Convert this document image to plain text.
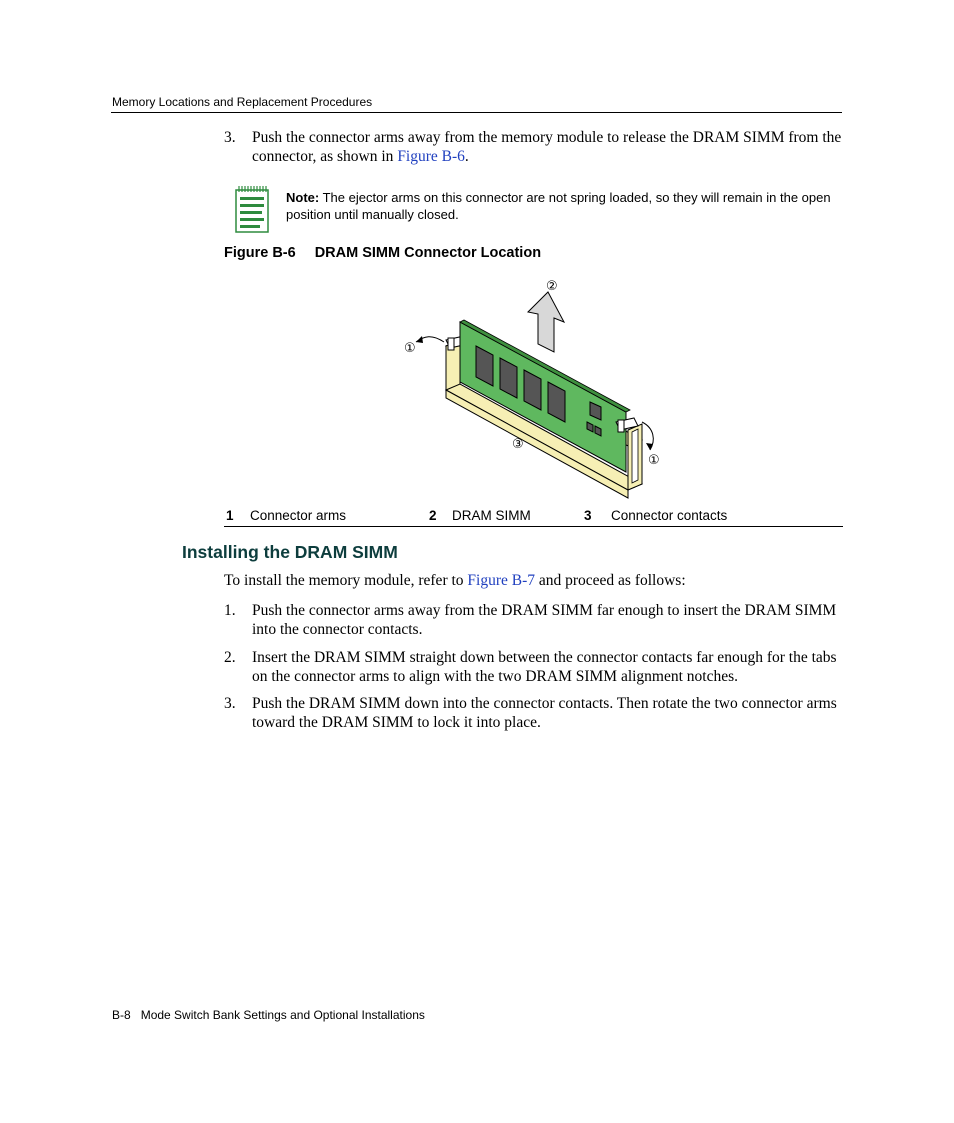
Memory Locations and Replacement Procedures
3. Push the connector arms away from the memory module to release the DRAM SIMM from the connector, as shown in Figure B-6.
Note: The ejector arms on this connector are not spring loaded, so they will remain in the open position until manually closed.
Figure B-6 DRAM SIMM Connector Location
②
①
①
③
1 Connector arms	2 DRAM SIMM	3 Connector contacts
Installing the DRAM SIMM
To install the memory module, refer to Figure B-7 and proceed as follows:
1. Push the connector arms away from the DRAM SIMM far enough to insert the DRAM SIMM into the connector contacts.
2. Insert the DRAM SIMM straight down between the connector contacts far enough for the tabs on the connector arms to align with the two DRAM SIMM alignment notches.
3. Push the DRAM SIMM down into the connector contacts. Then rotate the two connector arms toward the DRAM SIMM to lock it into place.
B-8 Mode Switch Bank Settings and Optional Installations
